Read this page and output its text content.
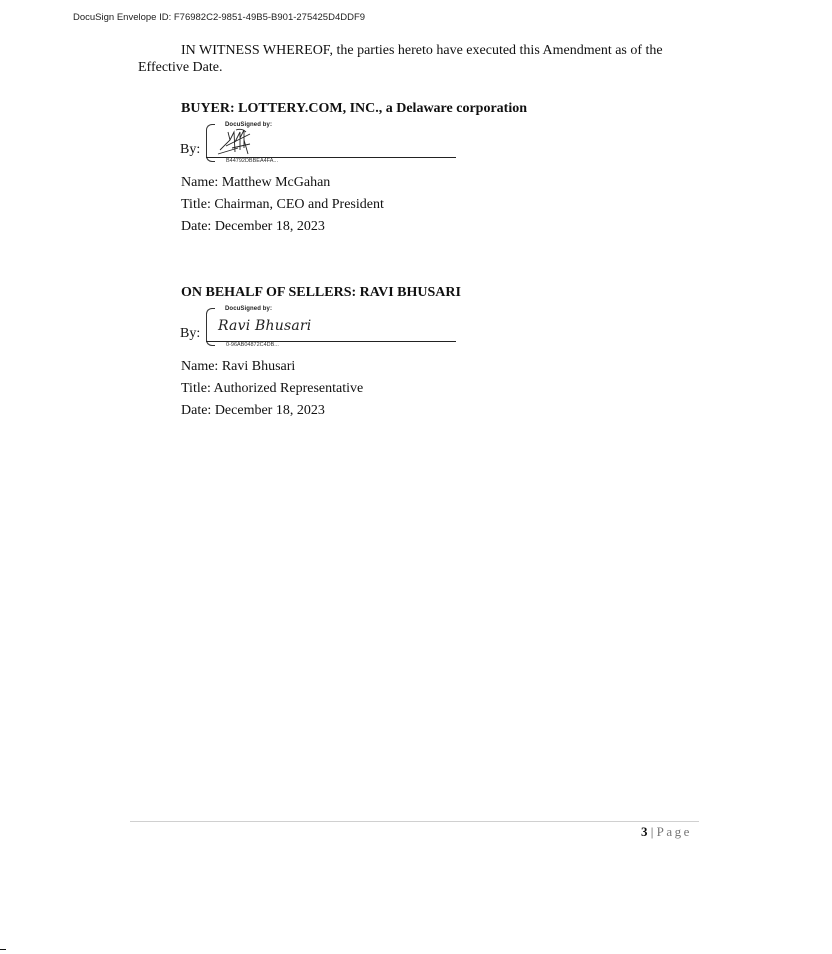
DocuSign Envelope ID: F76982C2-9851-49B5-B901-275425D4DDF9
IN WITNESS WHEREOF, the parties hereto have executed this Amendment as of the
Effective Date.
BUYER: LOTTERY.COM, INC., a Delaware corporation
By:
DocuSigned by:
B44792DBBEA4FA...
Name: Matthew McGahan
Title: Chairman, CEO and President
Date: December 18, 2023
ON BEHALF OF SELLERS: RAVI BHUSARI
By:
DocuSigned by:
Ravi Bhusari
0-96AB04872C4DB...
Name: Ravi Bhusari
Title: Authorized Representative
Date: December 18, 2023
3 | Page
